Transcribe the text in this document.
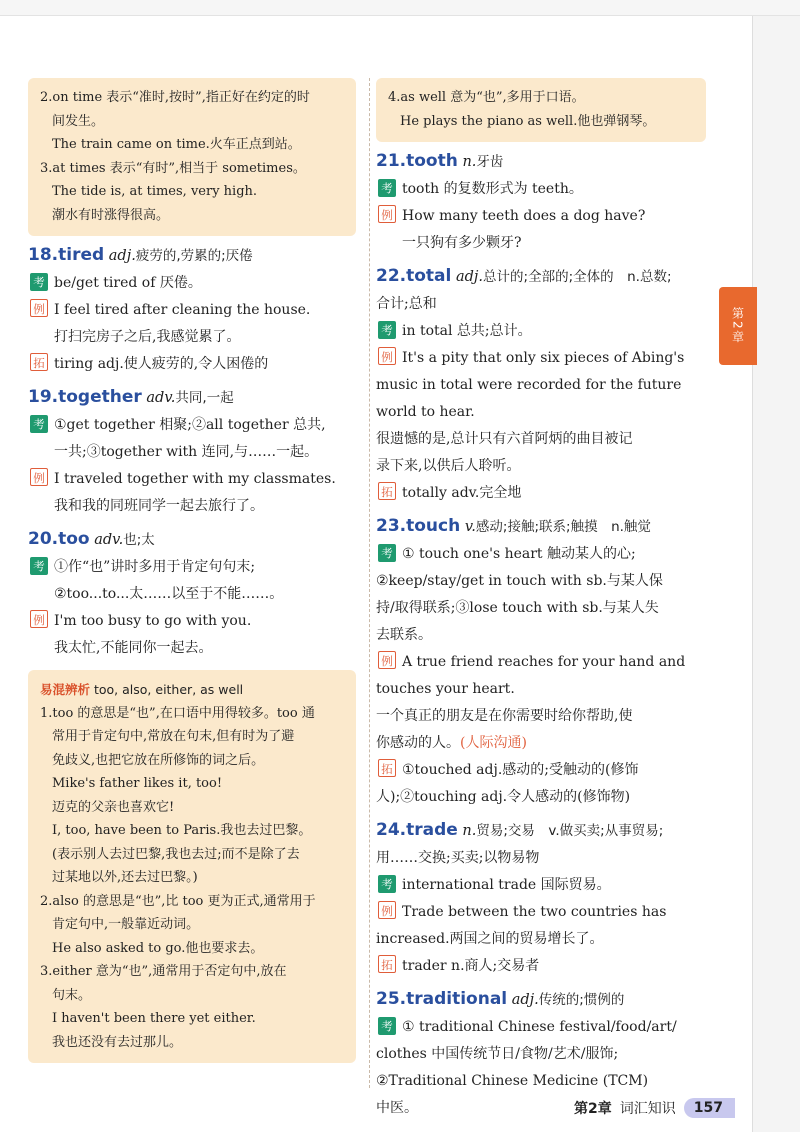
第2章
2.on time 表示“准时,按时”,指正好在约定的时
间发生。
The train came on time.火车正点到站。
3.at times 表示“有时”,相当于 sometimes。
The tide is, at times, very high.
潮水有时涨得很高。
18.tired adj.疲劳的,劳累的;厌倦
考 be/get tired of 厌倦。
例 I feel tired after cleaning the house.
打扫完房子之后,我感觉累了。
拓 tiring adj.使人疲劳的,令人困倦的
19.together adv.共同,一起
考 ①get together 相聚;②all together 总共,
一共;③together with 连同,与……一起。
例 I traveled together with my classmates.
我和我的同班同学一起去旅行了。
20.too adv.也;太
考 ①作“也”讲时多用于肯定句句末;
②too...to...太……以至于不能……。
例 I'm too busy to go with you.
我太忙,不能同你一起去。
易混辨析 too, also, either, as well
1.too 的意思是“也”,在口语中用得较多。too 通
常用于肯定句中,常放在句末,但有时为了避
免歧义,也把它放在所修饰的词之后。
Mike's father likes it, too!
迈克的父亲也喜欢它!
I, too, have been to Paris.我也去过巴黎。
(表示别人去过巴黎,我也去过;而不是除了去
过某地以外,还去过巴黎。)
2.also 的意思是“也”,比 too 更为正式,通常用于
肯定句中,一般靠近动词。
He also asked to go.他也要求去。
3.either 意为“也”,通常用于否定句中,放在
句末。
I haven't been there yet either.
我也还没有去过那儿。
4.as well 意为“也”,多用于口语。
He plays the piano as well.他也弹钢琴。
21.tooth n.牙齿
考 tooth 的复数形式为 teeth。
例 How many teeth does a dog have?
一只狗有多少颗牙?
22.total adj.总计的;全部的;全体的　n.总数;
合计;总和
考 in total 总共;总计。
例 It's a pity that only six pieces of Abing's
music in total were recorded for the future
world to hear.
很遗憾的是,总计只有六首阿炳的曲目被记
录下来,以供后人聆听。
拓 totally adv.完全地
23.touch v.感动;接触;联系;触摸　n.触觉
考 ① touch one's heart 触动某人的心;
②keep/stay/get in touch with sb.与某人保
持/取得联系;③lose touch with sb.与某人失
去联系。
例 A true friend reaches for your hand and
touches your heart.
一个真正的朋友是在你需要时给你帮助,使
你感动的人。(人际沟通)
拓 ①touched adj.感动的;受触动的(修饰
人);②touching adj.令人感动的(修饰物)
24.trade n.贸易;交易　v.做买卖;从事贸易;
用……交换;买卖;以物易物
考 international trade 国际贸易。
例 Trade between the two countries has
increased.两国之间的贸易增长了。
拓 trader n.商人;交易者
25.traditional adj.传统的;惯例的
考 ① traditional Chinese festival/food/art/
clothes 中国传统节日/食物/艺术/服饰;
②Traditional Chinese Medicine (TCM)
中医。	第2章 词汇知识	157
